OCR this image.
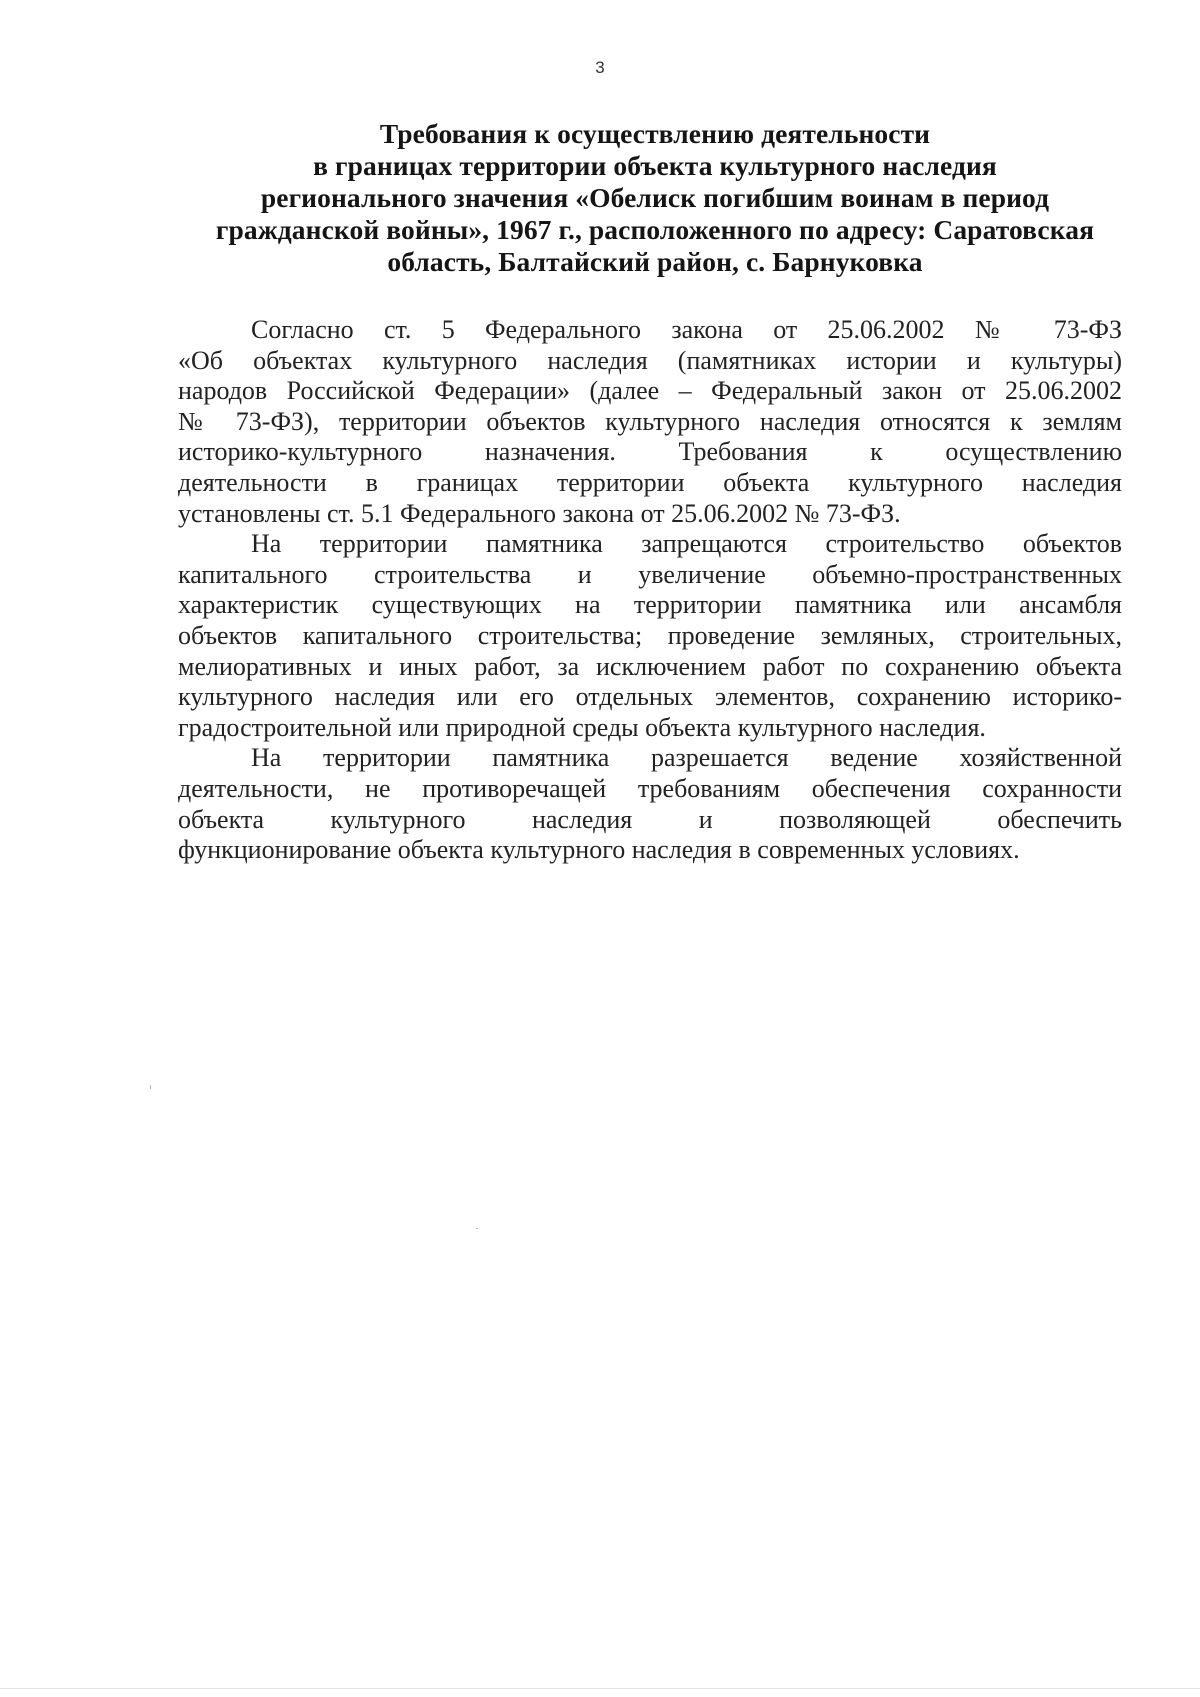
3
Требования к осуществлению деятельности
в границах территории объекта культурного наследия
регионального значения «Обелиск погибшим воинам в период
гражданской войны», 1967 г., расположенного по адресу: Саратовская
область, Балтайский район, с. Барнуковка
Согласно ст. 5 Федерального закона от 25.06.2002 № 73-ФЗ
«Об объектах культурного наследия (памятниках истории и культуры)
народов Российской Федерации» (далее – Федеральный закон от 25.06.2002
№ 73-ФЗ), территории объектов культурного наследия относятся к землям
историко-культурного назначения. Требования к осуществлению
деятельности в границах территории объекта культурного наследия
установлены ст. 5.1 Федерального закона от 25.06.2002 № 73-ФЗ.
На территории памятника запрещаются строительство объектов
капитального строительства и увеличение объемно-пространственных
характеристик существующих на территории памятника или ансамбля
объектов капитального строительства; проведение земляных, строительных,
мелиоративных и иных работ, за исключением работ по сохранению объекта
культурного наследия или его отдельных элементов, сохранению историко-
градостроительной или природной среды объекта культурного наследия.
На территории памятника разрешается ведение хозяйственной
деятельности, не противоречащей требованиям обеспечения сохранности
объекта культурного наследия и позволяющей обеспечить
функционирование объекта культурного наследия в современных условиях.
